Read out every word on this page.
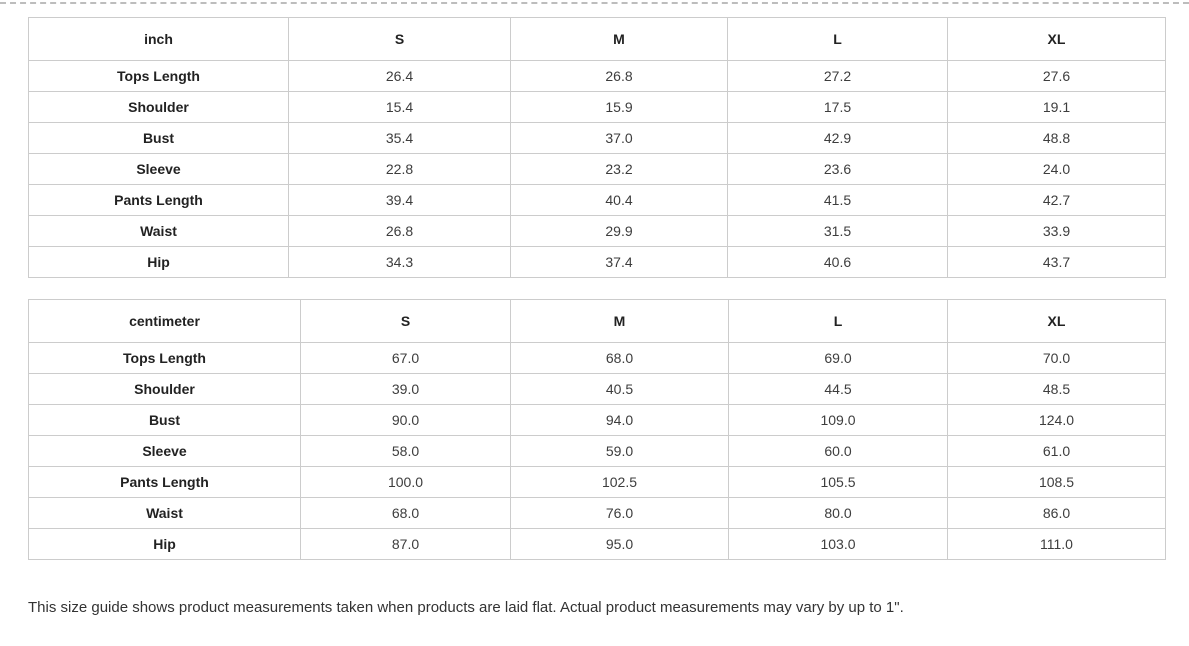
inch	S	M	L	XL
Tops Length	26.4	26.8	27.2	27.6
Shoulder	15.4	15.9	17.5	19.1
Bust	35.4	37.0	42.9	48.8
Sleeve	22.8	23.2	23.6	24.0
Pants Length	39.4	40.4	41.5	42.7
Waist	26.8	29.9	31.5	33.9
Hip	34.3	37.4	40.6	43.7
centimeter	S	M	L	XL
Tops Length	67.0	68.0	69.0	70.0
Shoulder	39.0	40.5	44.5	48.5
Bust	90.0	94.0	109.0	124.0
Sleeve	58.0	59.0	60.0	61.0
Pants Length	100.0	102.5	105.5	108.5
Waist	68.0	76.0	80.0	86.0
Hip	87.0	95.0	103.0	111.0
This size guide shows product measurements taken when products are laid flat. Actual product measurements may vary by up to 1".
